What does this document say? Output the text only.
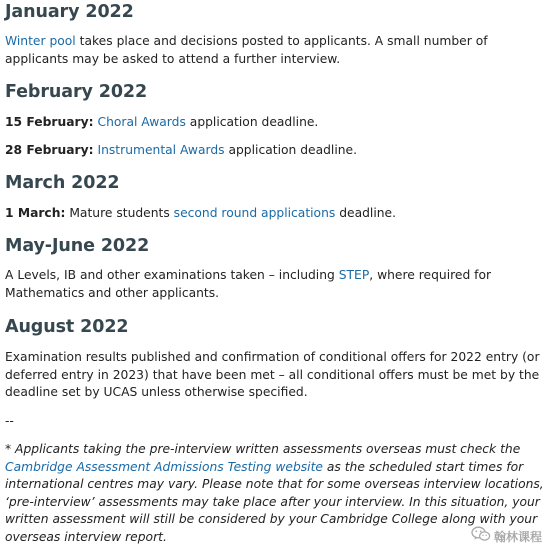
January 2022

Winter pool takes place and decisions posted to applicants. A small number of applicants may be asked to attend a further interview.

February 2022

15 February: Choral Awards application deadline.

28 February: Instrumental Awards application deadline.

March 2022

1 March: Mature students second round applications deadline.

May-June 2022

A Levels, IB and other examinations taken – including STEP, where required for Mathematics and other applicants.

August 2022

Examination results published and confirmation of conditional offers for 2022 entry (or deferred entry in 2023) that have been met – all conditional offers must be met by the deadline set by UCAS unless otherwise specified.

--

* Applicants taking the pre-interview written assessments overseas must check the Cambridge Assessment Admissions Testing website as the scheduled start times for international centres may vary. Please note that for some overseas interview locations, ‘pre-interview’ assessments may take place after your interview. In this situation, your written assessment will still be considered by your Cambridge College along with your overseas interview report.	翰林课程
